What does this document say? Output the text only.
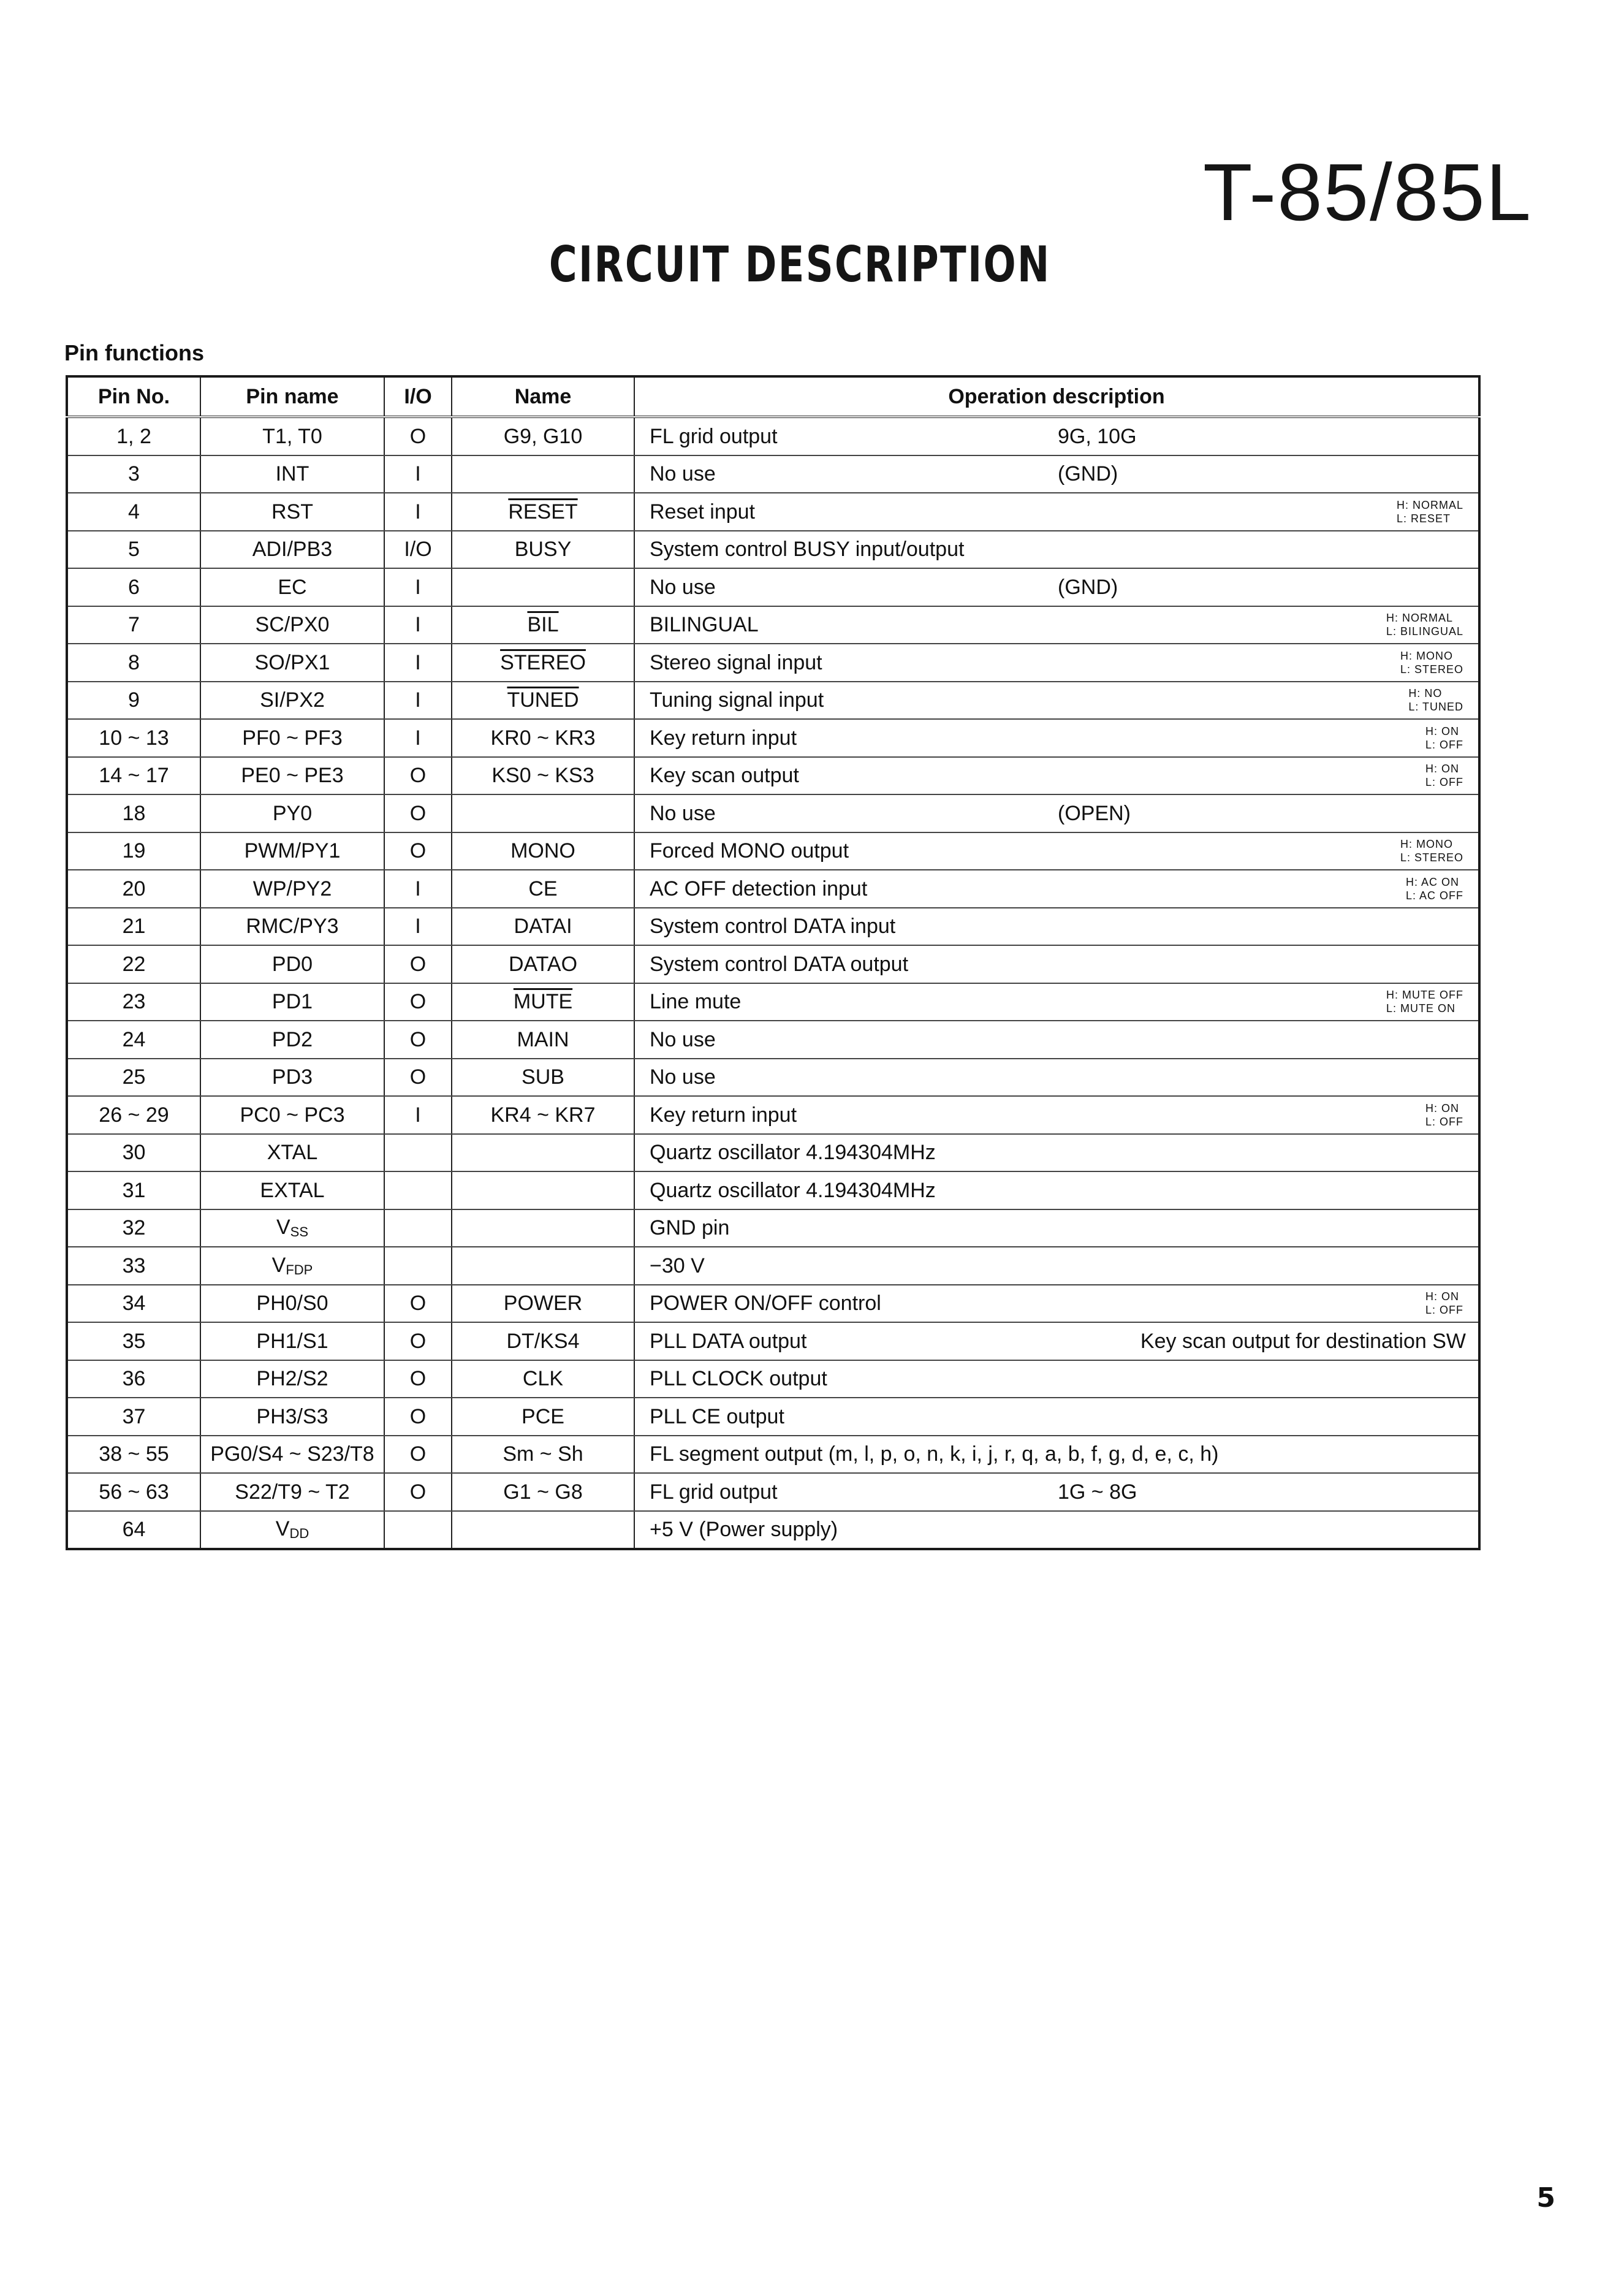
T-85/85L
CIRCUIT DESCRIPTION
Pin functions
Pin No.	Pin name	I/O	Name	Operation description
1, 2	T1, T0	O	G9, G10	FL grid output 9G, 10G

3	INT	I		No use (GND)

4	RST	I	RESET	Reset input H: NORMAL
L: RESET

5	ADI/PB3	I/O	BUSY	System control BUSY input/output
6	EC	I		No use (GND)

7	SC/PX0	I	$\overline{BIL}$	BILINGUAL H: NORMAL
L: BILINGUAL

8	SO/PX1	I	STEREO	Stereo signal input H: MONO
L: STEREO

9	SI/PX2	I	TUNED	Tuning signal input H: NO
L: TUNED

10 ~ 13	PF0 ~ PF3	I	KR0 ~ KR3	Key return input H: ON
L: OFF

14 ~ 17	PE0 ~ PE3	O	KS0 ~ KS3	Key scan output H: ON
L: OFF

18	PY0	O		No use (OPEN)

19	PWM/PY1	O	MONO	Forced MONO output H: MONO
L: STEREO

20	WP/PY2	I	CE	AC OFF detection input H: AC ON
L: AC OFF

21	RMC/PY3	I	DATAI	System control DATA input
22	PD0	O	DATAO	System control DATA output
23	PD1	O	MUTE	Line mute H: MUTE OFF
L: MUTE ON

24	PD2	O	MAIN	No use
25	PD3	O	SUB	No use
26 ~ 29	PC0 ~ PC3	I	KR4 ~ KR7	Key return input H: ON
L: OFF

30	XTAL			Quartz oscillator 4.194304MHz
31	EXTAL			Quartz oscillator 4.194304MHz
32	$V_{SS}$			GND pin
33	$V_{FDP}$			−30 V
34	PH0/S0	O	POWER	POWER ON/OFF control H: ON
L: OFF

35	PH1/S1	O	DT/KS4	PLL DATA output Key scan output for destination SW

36	PH2/S2	O	CLK	PLL CLOCK output
37	PH3/S3	O	PCE	PLL CE output
38 ~ 55	PG0/S4 ~ S23/T8	O	Sm ~ Sh	FL segment output (m, l, p, o, n, k, i, j, r, q, a, b, f, g, d, e, c, h)
56 ~ 63	S22/T9 ~ T2	O	G1 ~ G8	FL grid output 1G ~ 8G

64	$V_{DD}$			+5 V (Power supply)
5
